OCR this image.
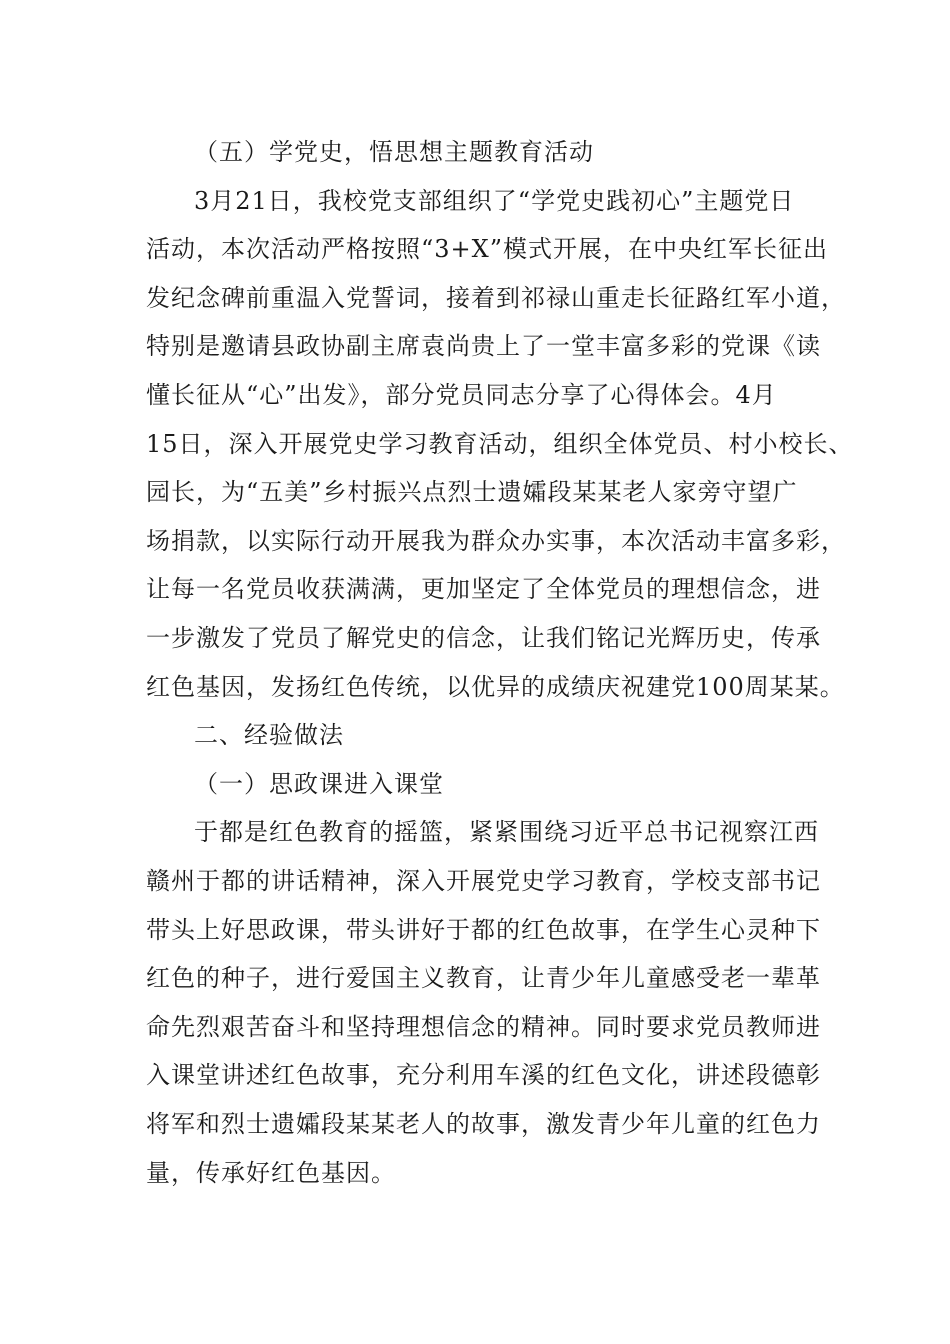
（五）学党史，悟思想主题教育活动
3月21日，我校党支部组织了“学党史践初心”主题党日
活动，本次活动严格按照“3+X”模式开展，在中央红军长征出
发纪念碑前重温入党誓词，接着到祁禄山重走长征路红军小道，
特别是邀请县政协副主席袁尚贵上了一堂丰富多彩的党课《读
懂长征从“心”出发》，部分党员同志分享了心得体会。4月
15日，深入开展党史学习教育活动，组织全体党员、村小校长、
园长，为“五美”乡村振兴点烈士遗孀段某某老人家旁守望广
场捐款，以实际行动开展我为群众办实事，本次活动丰富多彩，
让每一名党员收获满满，更加坚定了全体党员的理想信念，进
一步激发了党员了解党史的信念，让我们铭记光辉历史，传承
红色基因，发扬红色传统，以优异的成绩庆祝建党100周某某。
二、经验做法
（一）思政课进入课堂
于都是红色教育的摇篮，紧紧围绕习近平总书记视察江西
赣州于都的讲话精神，深入开展党史学习教育，学校支部书记
带头上好思政课，带头讲好于都的红色故事，在学生心灵种下
红色的种子，进行爱国主义教育，让青少年儿童感受老一辈革
命先烈艰苦奋斗和坚持理想信念的精神。同时要求党员教师进
入课堂讲述红色故事，充分利用车溪的红色文化，讲述段德彰
将军和烈士遗孀段某某老人的故事，激发青少年儿童的红色力
量，传承好红色基因。
